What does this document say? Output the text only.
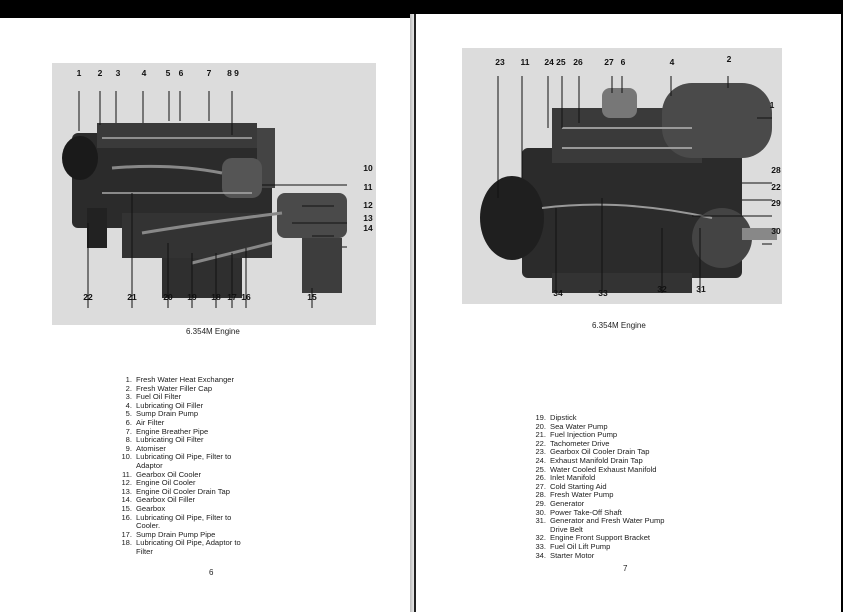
1 2 3	4 5 6	7 8 9
10
11
12
13
14
22	21	20 19 18 17 16	15
6.354M Engine
1. Fresh Water Heat Exchanger
2. Fresh Water Filler Cap
3. Fuel Oil Filter
4. Lubricating Oil Filler
5. Sump Drain Pump
6. Air Filter
7. Engine Breather Pipe
8. Lubricating Oil Filter
9. Atomiser
10. Lubricating Oil Pipe, Filter to
Adaptor
11. Gearbox Oil Cooler
12. Engine Oil Cooler
13. Engine Oil Cooler Drain Tap
14. Gearbox Oil Filler
15. Gearbox
16. Lubricating Oil Pipe, Filter to
Cooler.
17. Sump Drain Pump Pipe
18. Lubricating Oil Pipe, Adaptor to
Filter
6
23 11 24 25 26	27 6	4	2
1
28
22
29
30
34	33	32	31
6.354M Engine
19. Dipstick
20. Sea Water Pump
21. Fuel Injection Pump
22. Tachometer Drive
23. Gearbox Oil Cooler Drain Tap
24. Exhaust Manifold Drain Tap
25. Water Cooled Exhaust Manifold
26. Inlet Manifold
27. Cold Starting Aid
28. Fresh Water Pump
29. Generator
30. Power Take-Off Shaft
31. Generator and Fresh Water Pump
Drive Belt
32. Engine Front Support Bracket
33. Fuel Oil Lift Pump
34. Starter Motor
7
